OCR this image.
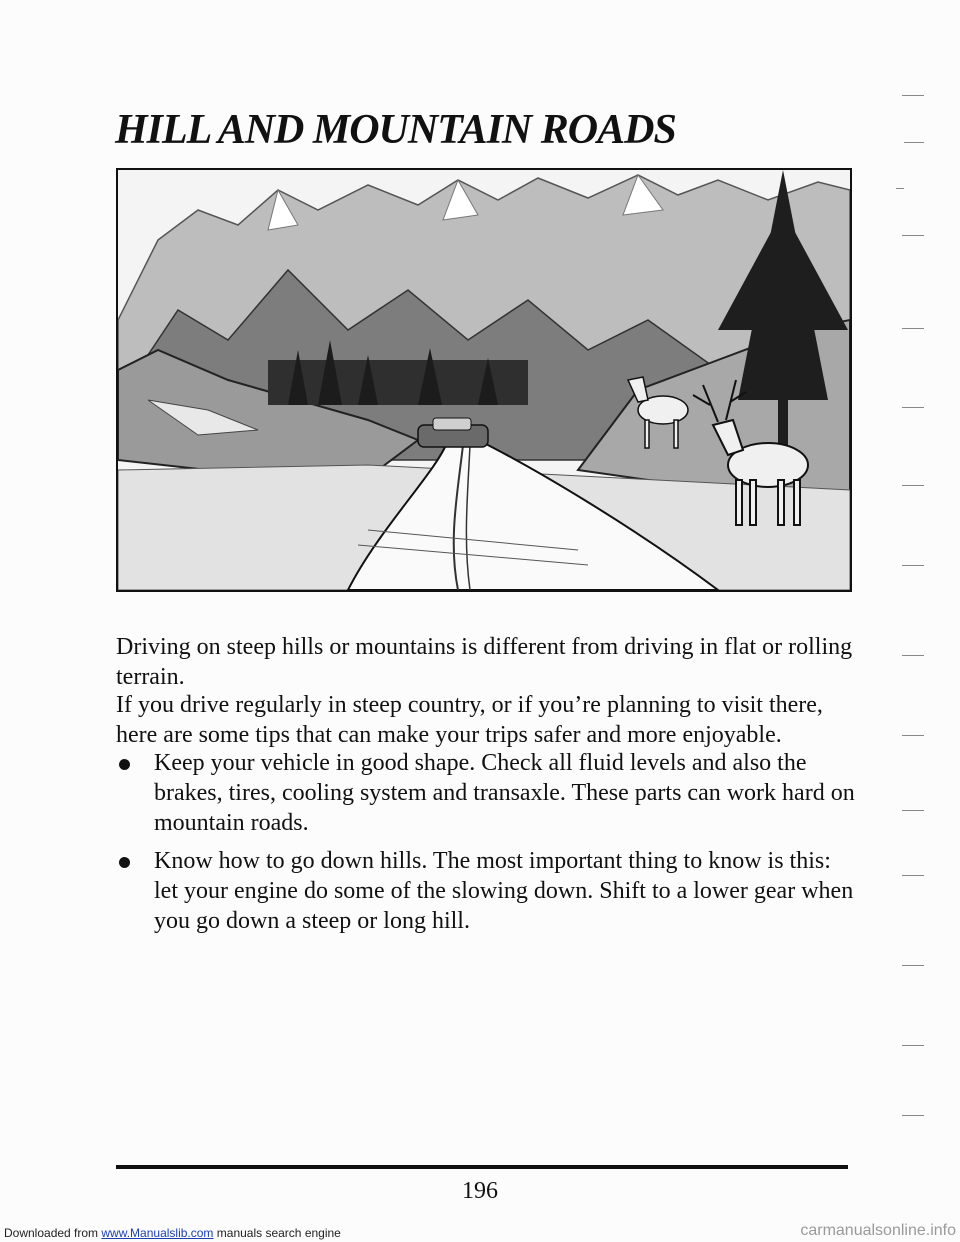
HILL AND MOUNTAIN ROADS

Driving on steep hills or mountains is different from driving in flat or rolling terrain.

If you drive regularly in steep country, or if you’re planning to visit there, here are some tips that can make your trips safer and more enjoyable.

Keep your vehicle in good shape. Check all fluid levels and also the brakes, tires, cooling system and transaxle. These parts can work hard on mountain roads.
Know how to go down hills. The most important thing to know is this: let your engine do some of the slowing down. Shift to a lower gear when you go down a steep or long hill.
196
Downloaded from www.Manualslib.com manuals search engine	carmanualsonline.info
